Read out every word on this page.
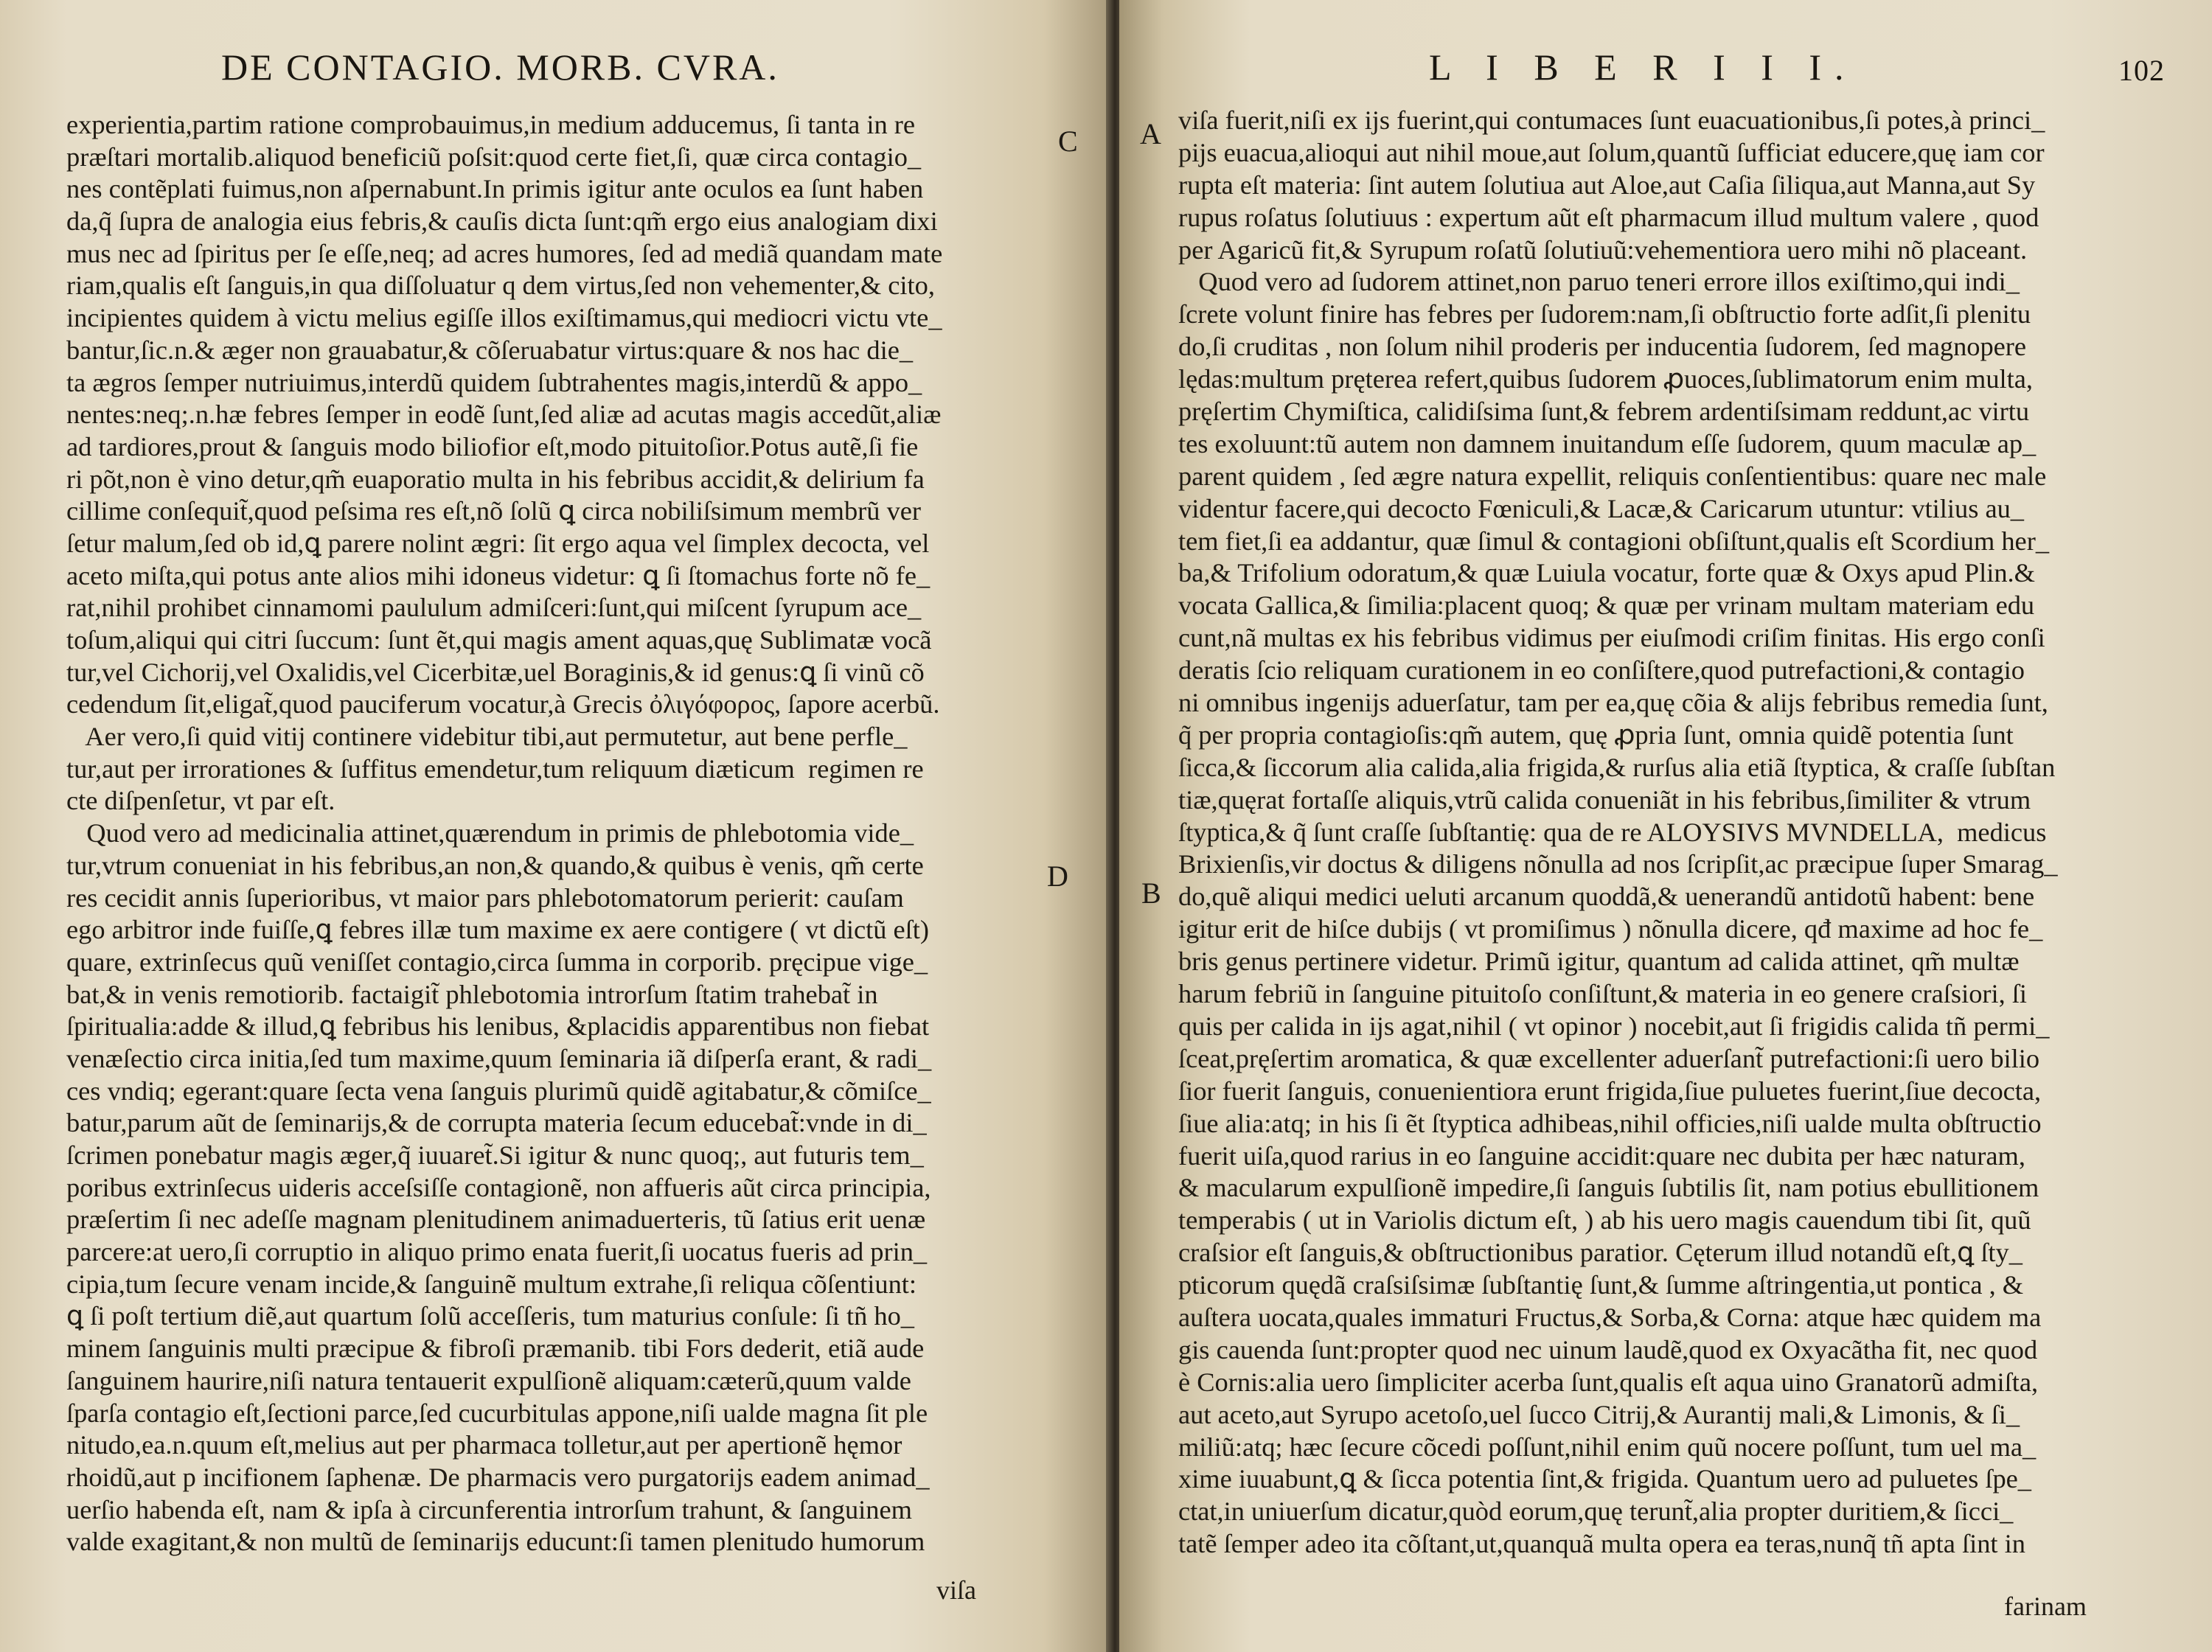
DE CONTAGIO. MORB. CVRA.
C
D
experientia,partim ratione comprobauimus,in medium adducemus, ſi tanta in re
præſtari mortalib.aliquod beneficiũ poſsit:quod certe fiet,ſi, quæ circa contagio_
nes contẽplati fuimus,non aſpernabunt.In primis igitur ante oculos ea ſunt haben
da,q̃ ſupra de analogia eius febris,& cauſis dicta ſunt:qm̃ ergo eius analogiam dixi
mus nec ad ſpiritus per ſe eſſe,neq; ad acres humores, ſed ad mediã quandam mate
riam,qualis eſt ſanguis,in qua diſſoluatur q dem virtus,ſed non vehementer,& cito,
incipientes quidem à victu melius egiſſe illos exiſtimamus,qui mediocri victu vte_
bantur,ſic.n.& æger non grauabatur,& cõſeruabatur virtus:quare & nos hac die_
ta ægros ſemper nutriuimus,interdũ quidem ſubtrahentes magis,interdũ & appo_
nentes:neq;.n.hæ febres ſemper in eodẽ ſunt,ſed aliæ ad acutas magis accedũt,aliæ
ad tardiores,prout & ſanguis modo biliofior eſt,modo pituitoſior.Potus autẽ,ſi fie
ri põt,non è vino detur,qm̃ euaporatio multa in his febribus accidit,& delirium fa
cillime conſequit̃,quod peſsima res eſt,nõ ſolũ ꝗ circa nobiliſsimum membrũ ver
ſetur malum,ſed ob id,ꝗ parere nolint ægri: ſit ergo aqua vel ſimplex decocta, vel
aceto miſta,qui potus ante alios mihi idoneus videtur: ꝗ ſi ſtomachus forte nõ fe_
rat,nihil prohibet cinnamomi paululum admiſceri:ſunt,qui miſcent ſyrupum ace_
toſum,aliqui qui citri ſuccum: ſunt ẽt,qui magis ament aquas,quę Sublimatæ vocã
tur,vel Cichorij,vel Oxalidis,vel Cicerbitæ,uel Boraginis,& id genus:ꝗ ſi vinũ cõ
cedendum ſit,eligat̃,quod pauciferum vocatur,à Grecis ὀλιγόφορος, ſapore acerbũ.
Aer vero,ſi quid vitij continere videbitur tibi,aut permutetur, aut bene perfle_
tur,aut per irrorationes & ſuffitus emendetur,tum reliquum diæticum  regimen re
cte diſpenſetur, vt par eſt.
Quod vero ad medicinalia attinet,quærendum in primis de phlebotomia vide_
tur,vtrum conueniat in his febribus,an non,& quando,& quibus è venis, qm̃ certe
res cecidit annis ſuperioribus, vt maior pars phlebotomatorum perierit: cauſam
ego arbitror inde fuiſſe,ꝗ febres illæ tum maxime ex aere contigere ( vt dictũ eſt)
quare, extrinſecus quũ veniſſet contagio,circa ſumma in corporib. pręcipue vige_
bat,& in venis remotiorib. factaigit̃ phlebotomia introrſum ſtatim trahebat̃ in
ſpiritualia:adde & illud,ꝗ febribus his lenibus, &placidis apparentibus non fiebat
venæſectio circa initia,ſed tum maxime,quum ſeminaria iã diſperſa erant, & radi_
ces vndiq; egerant:quare ſecta vena ſanguis plurimũ quidẽ agitabatur,& cõmiſce_
batur,parum aũt de ſeminarijs,& de corrupta materia ſecum educebat̃:vnde in di_
ſcrimen ponebatur magis æger,q̃ iuuaret̃.Si igitur & nunc quoq;, aut futuris tem_
poribus extrinſecus uideris acceſsiſſe contagionẽ, non affueris aũt circa principia,
præſertim ſi nec adeſſe magnam plenitudinem animaduerteris, tũ ſatius erit uenæ
parcere:at uero,ſi corruptio in aliquo primo enata fuerit,ſi uocatus fueris ad prin_
cipia,tum ſecure venam incide,& ſanguinẽ multum extrahe,ſi reliqua cõſentiunt:
ꝗ ſi poſt tertium diẽ,aut quartum ſolũ acceſſeris, tum maturius conſule: ſi tñ ho_
minem ſanguinis multi præcipue & fibroſi præmanib. tibi Fors dederit, etiã aude
ſanguinem haurire,niſi natura tentauerit expulſionẽ aliquam:cæterũ,quum valde
ſparſa contagio eſt,ſectioni parce,ſed cucurbitulas appone,niſi ualde magna ſit ple
nitudo,ea.n.quum eſt,melius aut per pharmaca tolletur,aut per apertionẽ hęmor
rhoidũ,aut p incifionem ſaphenæ. De pharmacis vero purgatorijs eadem animad_
uerſio habenda eſt, nam & ipſa à circunferentia introrſum trahunt, & ſanguinem
valde exagitant,& non multũ de ſeminarijs educunt:ſi tamen plenitudo humorum
viſa
L I B E R I I I.	102
A
B
viſa fuerit,niſi ex ijs fuerint,qui contumaces ſunt euacuationibus,ſi potes,à princi_
pijs euacua,alioqui aut nihil moue,aut ſolum,quantũ ſufficiat educere,quę iam cor
rupta eſt materia: ſint autem ſolutiua aut Aloe,aut Caſia ſiliqua,aut Manna,aut Sy
rupus roſatus ſolutiuus : expertum aũt eſt pharmacum illud multum valere , quod
per Agaricũ fit,& Syrupum roſatũ ſolutiuũ:vehementiora uero mihi nõ placeant.
Quod vero ad ſudorem attinet,non paruo teneri errore illos exiſtimo,qui indi_
ſcrete volunt finire has febres per ſudorem:nam,ſi obſtructio forte adſit,ſi plenitu
do,ſi cruditas , non ſolum nihil proderis per inducentia ſudorem, ſed magnopere
lędas:multum pręterea refert,quibus ſudorem ꝓuoces,ſublimatorum enim multa,
pręſertim Chymiſtica, calidiſsima ſunt,& febrem ardentiſsimam reddunt,ac virtu
tes exoluunt:tũ autem non damnem inuitandum eſſe ſudorem, quum maculæ ap_
parent quidem , ſed ægre natura expellit, reliquis conſentientibus: quare nec male
videntur facere,qui decocto Fœniculi,& Lacæ,& Caricarum utuntur: vtilius au_
tem fiet,ſi ea addantur, quæ ſimul & contagioni obſiſtunt,qualis eſt Scordium her_
ba,& Trifolium odoratum,& quæ Luiula vocatur, forte quæ & Oxys apud Plin.&
vocata Gallica,& ſimilia:placent quoq; & quæ per vrinam multam materiam edu
cunt,nã multas ex his febribus vidimus per eiuſmodi criſim finitas. His ergo conſi
deratis ſcio reliquam curationem in eo conſiſtere,quod putrefactioni,& contagio
ni omnibus ingenijs aduerſatur, tam per ea,quę cõia & alijs febribus remedia ſunt,
q̃ per propria contagioſis:qm̃ autem, quę ꝓpria ſunt, omnia quidẽ potentia ſunt
ſicca,& ſiccorum alia calida,alia frigida,& rurſus alia etiã ſtyptica, & craſſe ſubſtan
tiæ,quęrat fortaſſe aliquis,vtrũ calida conueniãt in his febribus,ſimiliter & vtrum
ſtyptica,& q̃ ſunt craſſe ſubſtantię: qua de re ALOYSIVS MVNDELLA,  medicus
Brixienſis,vir doctus & diligens nõnulla ad nos ſcripſit,ac præcipue ſuper Smarag_
do,quẽ aliqui medici ueluti arcanum quoddã,& uenerandũ antidotũ habent: bene
igitur erit de hiſce dubijs ( vt promiſimus ) nõnulla dicere, qđ maxime ad hoc fe_
bris genus pertinere videtur. Primũ igitur, quantum ad calida attinet, qm̃ multæ
harum febriũ in ſanguine pituitoſo conſiſtunt,& materia in eo genere craſsiori, ſi
quis per calida in ijs agat,nihil ( vt opinor ) nocebit,aut ſi frigidis calida tñ permi_
ſceat,pręſertim aromatica, & quæ excellenter aduerſant̃ putrefactioni:ſi uero bilio
ſior fuerit ſanguis, conuenientiora erunt frigida,ſiue puluetes fuerint,ſiue decocta,
ſiue alia:atq; in his ſi ẽt ſtyptica adhibeas,nihil officies,niſi ualde multa obſtructio
fuerit uiſa,quod rarius in eo ſanguine accidit:quare nec dubita per hæc naturam,
& macularum expulſionẽ impedire,ſi ſanguis ſubtilis ſit, nam potius ebullitionem
temperabis ( ut in Variolis dictum eſt, ) ab his uero magis cauendum tibi ſit, quũ
craſsior eſt ſanguis,& obſtructionibus paratior. Cęterum illud notandũ eſt,ꝗ ſty_
pticorum quędã craſsiſsimæ ſubſtantię ſunt,& ſumme aſtringentia,ut pontica , &
auſtera uocata,quales immaturi Fructus,& Sorba,& Corna: atque hæc quidem ma
gis cauenda ſunt:propter quod nec uinum laudẽ,quod ex Oxyacãtha fit, nec quod
è Cornis:alia uero ſimpliciter acerba ſunt,qualis eſt aqua uino Granatorũ admiſta,
aut aceto,aut Syrupo acetoſo,uel ſucco Citrij,& Aurantij mali,& Limonis, & ſi_
miliũ:atq; hæc ſecure cõcedi poſſunt,nihil enim quũ nocere poſſunt, tum uel ma_
xime iuuabunt,ꝗ & ſicca potentia ſint,& frigida. Quantum uero ad puluetes ſpe_
ctat,in uniuerſum dicatur,quòd eorum,quę terunt̃,alia propter duritiem,& ſicci_
tatẽ ſemper adeo ita cõſtant,ut,quanquã multa opera ea teras,nunq̃ tñ apta ſint in
farinam
